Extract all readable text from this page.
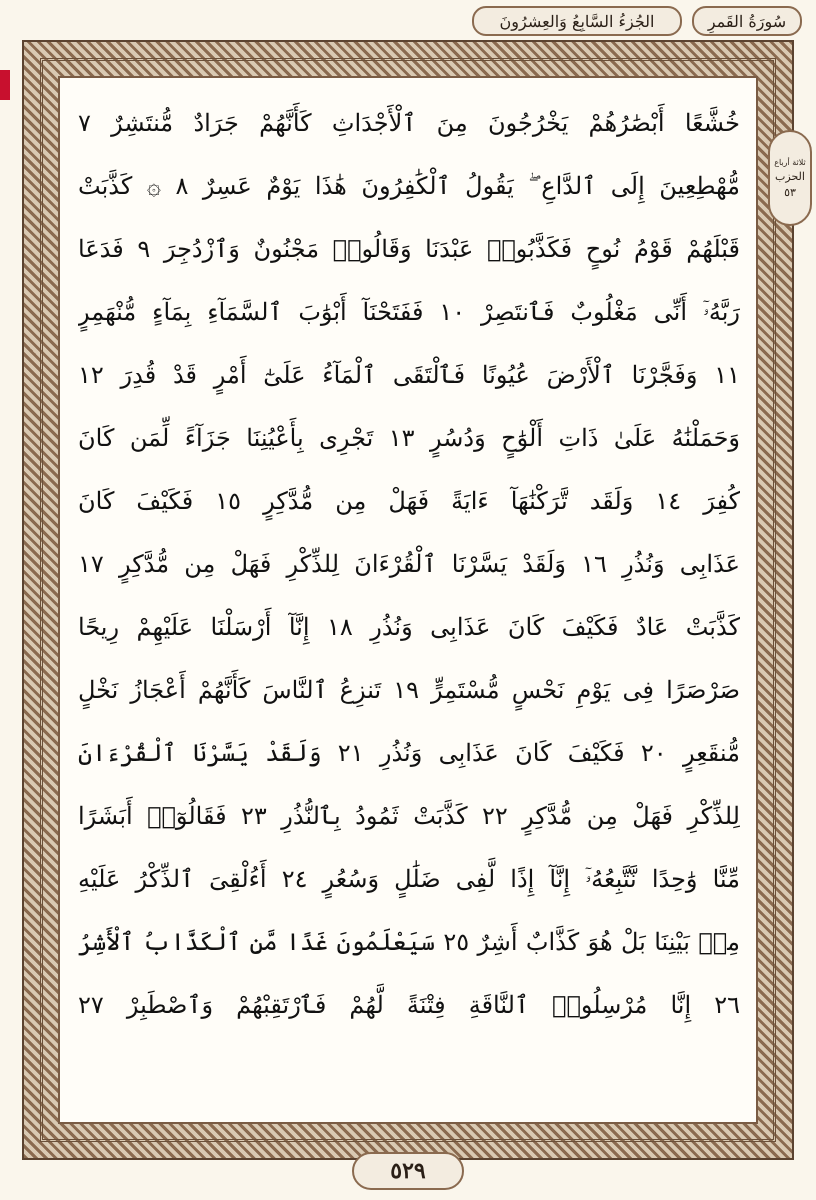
الجُزءُ السَّابِعُ وَالعِشرُونَ	سُورَةُ القَمرِ
ثلاثة أرباع
الحزب
٥٣
خُشَّعًا أَبْصَٰرُهُمْ يَخْرُجُونَ مِنَ ٱلْأَجْدَاثِ كَأَنَّهُمْ جَرَادٌ مُّنتَشِرٌ ٧
مُّهْطِعِينَ إِلَى ٱلدَّاعِ ۖ يَقُولُ ٱلْكَٰفِرُونَ هَٰذَا يَوْمٌ عَسِرٌ ٨ ۞ كَذَّبَتْ
قَبْلَهُمْ قَوْمُ نُوحٍ فَكَذَّبُوا۟ عَبْدَنَا وَقَالُوا۟ مَجْنُونٌ وَٱزْدُجِرَ ٩ فَدَعَا
رَبَّهُۥٓ أَنِّى مَغْلُوبٌ فَٱنتَصِرْ ١٠ فَفَتَحْنَآ أَبْوَٰبَ ٱلسَّمَآءِ بِمَآءٍ مُّنْهَمِرٍ
١١ وَفَجَّرْنَا ٱلْأَرْضَ عُيُونًا فَٱلْتَقَى ٱلْمَآءُ عَلَىٰٓ أَمْرٍ قَدْ قُدِرَ ١٢
وَحَمَلْنَٰهُ عَلَىٰ ذَاتِ أَلْوَٰحٍ وَدُسُرٍ ١٣ تَجْرِى بِأَعْيُنِنَا جَزَآءً لِّمَن كَانَ
كُفِرَ ١٤ وَلَقَد تَّرَكْنَٰهَآ ءَايَةً فَهَلْ مِن مُّدَّكِرٍ ١٥ فَكَيْفَ كَانَ
عَذَابِى وَنُذُرِ ١٦ وَلَقَدْ يَسَّرْنَا ٱلْقُرْءَانَ لِلذِّكْرِ فَهَلْ مِن مُّدَّكِرٍ ١٧
كَذَّبَتْ عَادٌ فَكَيْفَ كَانَ عَذَابِى وَنُذُرِ ١٨ إِنَّآ أَرْسَلْنَا عَلَيْهِمْ رِيحًا
صَرْصَرًا فِى يَوْمِ نَحْسٍ مُّسْتَمِرٍّ ١٩ تَنزِعُ ٱلنَّاسَ كَأَنَّهُمْ أَعْجَازُ نَخْلٍ
مُّنقَعِرٍ ٢٠ فَكَيْفَ كَانَ عَذَابِى وَنُذُرِ ٢١ وَلَقَدْ يَسَّرْنَا ٱلْقُرْءَانَ
لِلذِّكْرِ فَهَلْ مِن مُّدَّكِرٍ ٢٢ كَذَّبَتْ ثَمُودُ بِٱلنُّذُرِ ٢٣ فَقَالُوٓا۟ أَبَشَرًا
مِّنَّا وَٰحِدًا نَّتَّبِعُهُۥٓ إِنَّآ إِذًا لَّفِى ضَلَٰلٍ وَسُعُرٍ ٢٤ أَءُلْقِىَ ٱلذِّكْرُ عَلَيْهِ
مِنۢ بَيْنِنَا بَلْ هُوَ كَذَّابٌ أَشِرٌ ٢٥ سَيَعْلَمُونَ غَدًا مَّنِ ٱلْكَذَّابُ ٱلْأَشِرُ
٢٦ إِنَّا مُرْسِلُوا۟ ٱلنَّاقَةِ فِتْنَةً لَّهُمْ فَٱرْتَقِبْهُمْ وَٱصْطَبِرْ ٢٧
٥٢٩
